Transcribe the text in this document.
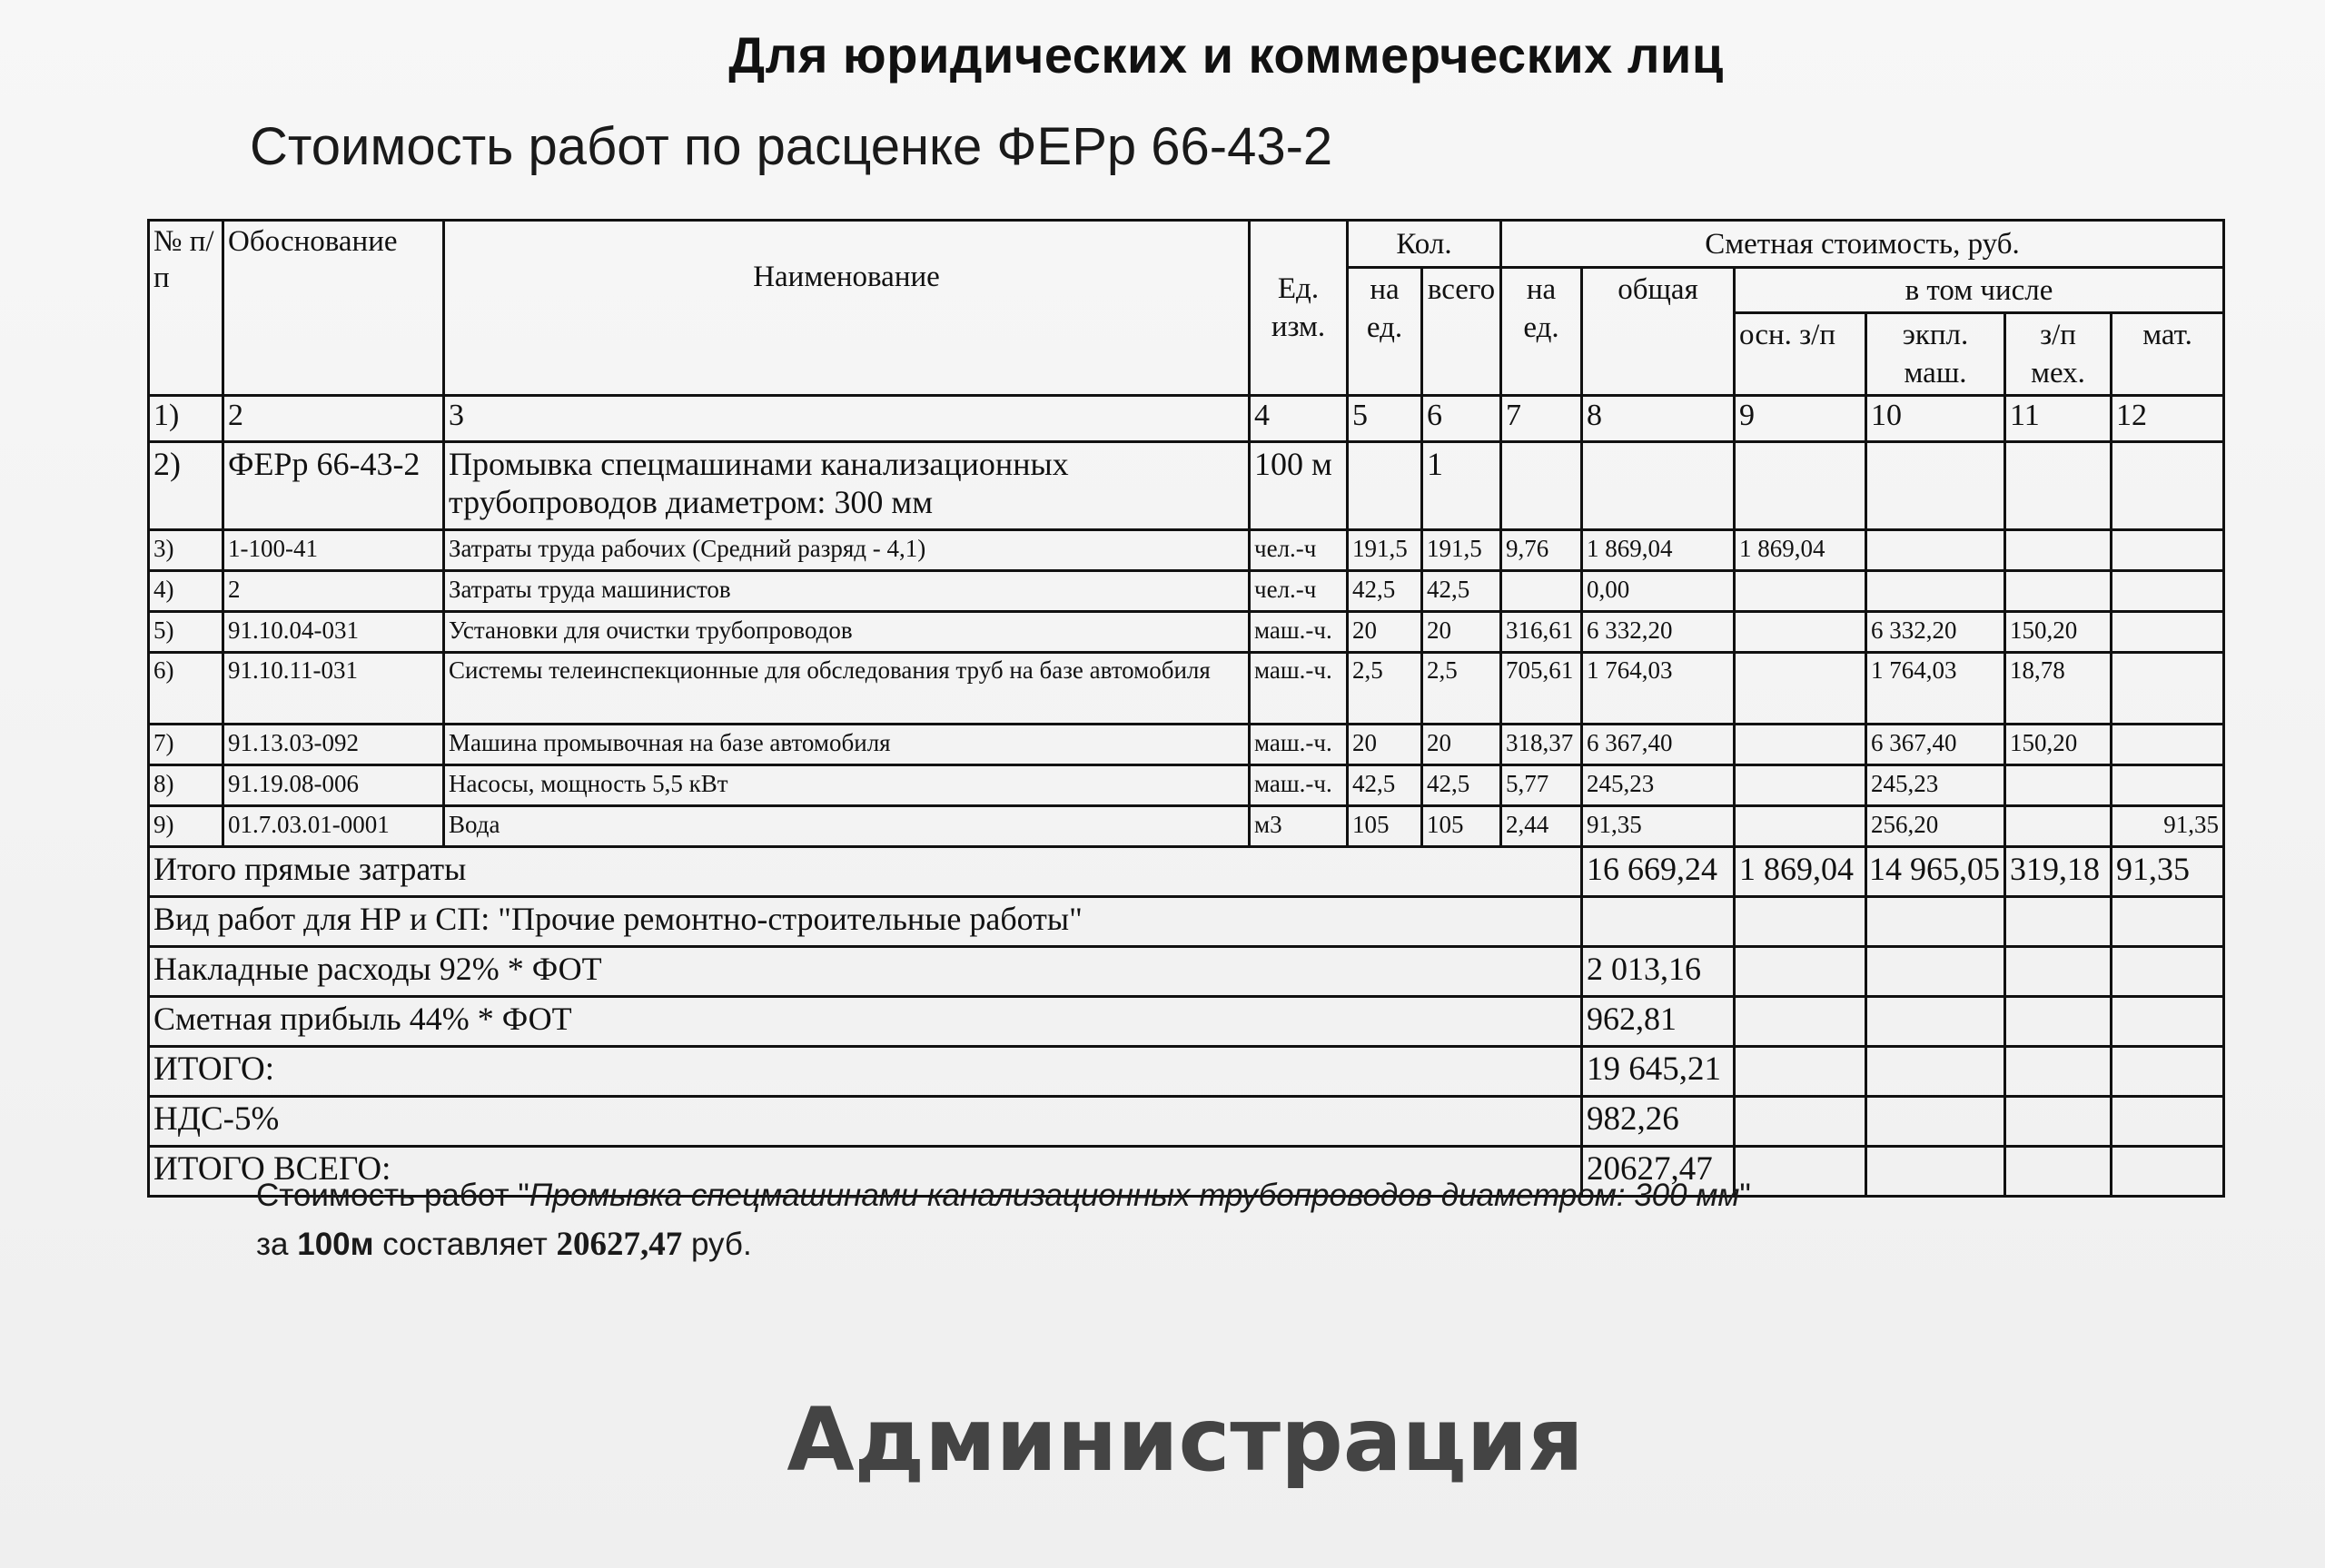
Для юридических и коммерческих лиц
Стоимость работ по расценке ФЕРр 66-43-2
№ п/п	Обоснование	Наименование	Ед. изм.	Кол.		Сметная стоимость, руб.					
				на ед.	всего	на ед.	общая	в том числе			
								осн. з/п	экпл. маш.	з/п мех.	мат.
1)	2	3	4	5	6	7	8	9	10	11	12
2)	ФЕРр 66-43-2	Промывка спецмашинами канализационных трубопроводов диаметром: 300 мм	100 м		1						
3)	1-100-41	Затраты труда рабочих (Средний разряд - 4,1)	чел.-ч	191,5	191,5	9,76	1 869,04	1 869,04			
4)	2	Затраты труда машинистов	чел.-ч	42,5	42,5		0,00				
5)	91.10.04-031	Установки для очистки трубопроводов	маш.-ч.	20	20	316,61	6 332,20		6 332,20	150,20	
6)	91.10.11-031	Системы телеинспекционные для обследования труб на базе автомобиля	маш.-ч.	2,5	2,5	705,61	1 764,03		1 764,03	18,78	
7)	91.13.03-092	Машина промывочная на базе автомобиля	маш.-ч.	20	20	318,37	6 367,40		6 367,40	150,20	
8)	91.19.08-006	Насосы, мощность 5,5 кВт	маш.-ч.	42,5	42,5	5,77	245,23		245,23		
9)	01.7.03.01-0001	Вода	м3	105	105	2,44	91,35		256,20		91,35
Итого прямые затраты							16 669,24	1 869,04	14 965,05	319,18	91,35
Вид работ для НР и СП: "Прочие ремонтно-строительные работы"											
Накладные расходы 92% * ФОТ							2 013,16				
Сметная прибыль 44% * ФОТ							962,81				
ИТОГО:							19 645,21				
НДС-5%							982,26				
ИТОГО ВСЕГО:							20627,47				
Стоимость работ "Промывка спецмашинами канализационных трубопроводов диаметром: 300 мм"
за 100м составляет 20627,47 руб.
Администрация
